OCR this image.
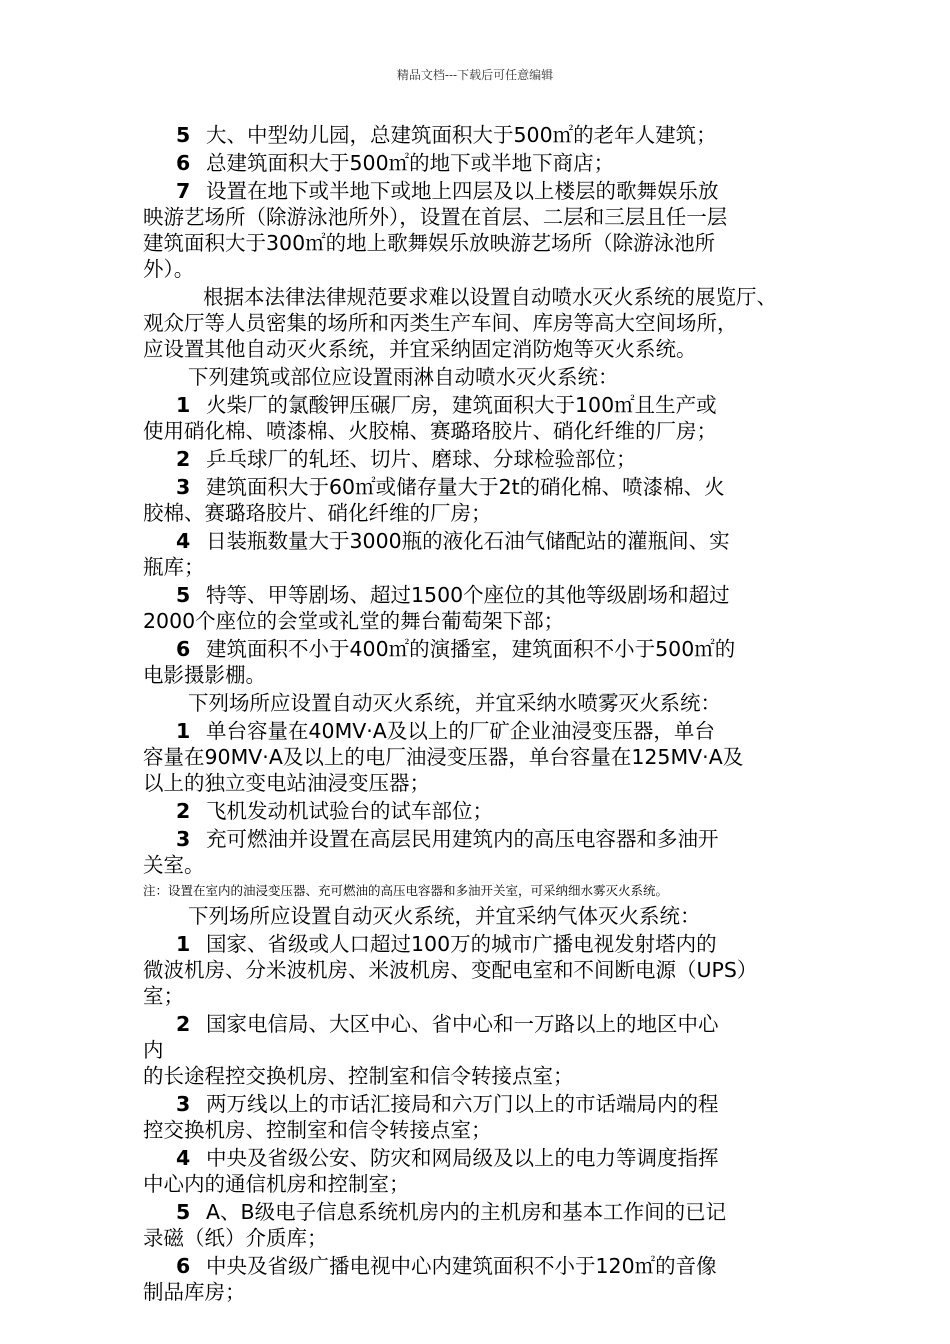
精品文档---下载后可任意编辑
5 大、中型幼儿园，总建筑面积大于500㎡的老年人建筑；
6 总建筑面积大于500㎡的地下或半地下商店；
7 设置在地下或半地下或地上四层及以上楼层的歌舞娱乐放
映游艺场所（除游泳池所外），设置在首层、二层和三层且任一层
建筑面积大于300㎡的地上歌舞娱乐放映游艺场所（除游泳池所
外）。
根据本法律法律规范要求难以设置自动喷水灭火系统的展览厅、
观众厅等人员密集的场所和丙类生产车间、库房等高大空间场所，
应设置其他自动灭火系统，并宜采纳固定消防炮等灭火系统。
下列建筑或部位应设置雨淋自动喷水灭火系统：
1 火柴厂的氯酸钾压碾厂房，建筑面积大于100㎡且生产或
使用硝化棉、喷漆棉、火胶棉、赛璐珞胶片、硝化纤维的厂房；
2 乒乓球厂的轧坯、切片、磨球、分球检验部位；
3 建筑面积大于60㎡或储存量大于2t的硝化棉、喷漆棉、火
胶棉、赛璐珞胶片、硝化纤维的厂房；
4 日装瓶数量大于3000瓶的液化石油气储配站的灌瓶间、实
瓶库；
5 特等、甲等剧场、超过1500个座位的其他等级剧场和超过
2000个座位的会堂或礼堂的舞台葡萄架下部；
6 建筑面积不小于400㎡的演播室，建筑面积不小于500㎡的
电影摄影棚。
下列场所应设置自动灭火系统，并宜采纳水喷雾灭火系统：
1 单台容量在40MV·A及以上的厂矿企业油浸变压器，单台
容量在90MV·A及以上的电厂油浸变压器，单台容量在125MV·A及
以上的独立变电站油浸变压器；
2 飞机发动机试验台的试车部位；
3 充可燃油并设置在高层民用建筑内的高压电容器和多油开
关室。
注：设置在室内的油浸变压器、充可燃油的高压电容器和多油开关室，可采纳细水雾灭火系统。
下列场所应设置自动灭火系统，并宜采纳气体灭火系统：
1 国家、省级或人口超过100万的城市广播电视发射塔内的
微波机房、分米波机房、米波机房、变配电室和不间断电源（UPS）
室；
2 国家电信局、大区中心、省中心和一万路以上的地区中心
内
的长途程控交换机房、控制室和信令转接点室；
3 两万线以上的市话汇接局和六万门以上的市话端局内的程
控交换机房、控制室和信令转接点室；
4 中央及省级公安、防灾和网局级及以上的电力等调度指挥
中心内的通信机房和控制室；
5 A、B级电子信息系统机房内的主机房和基本工作间的已记
录磁（纸）介质库；
6 中央及省级广播电视中心内建筑面积不小于120㎡的音像
制品库房；
